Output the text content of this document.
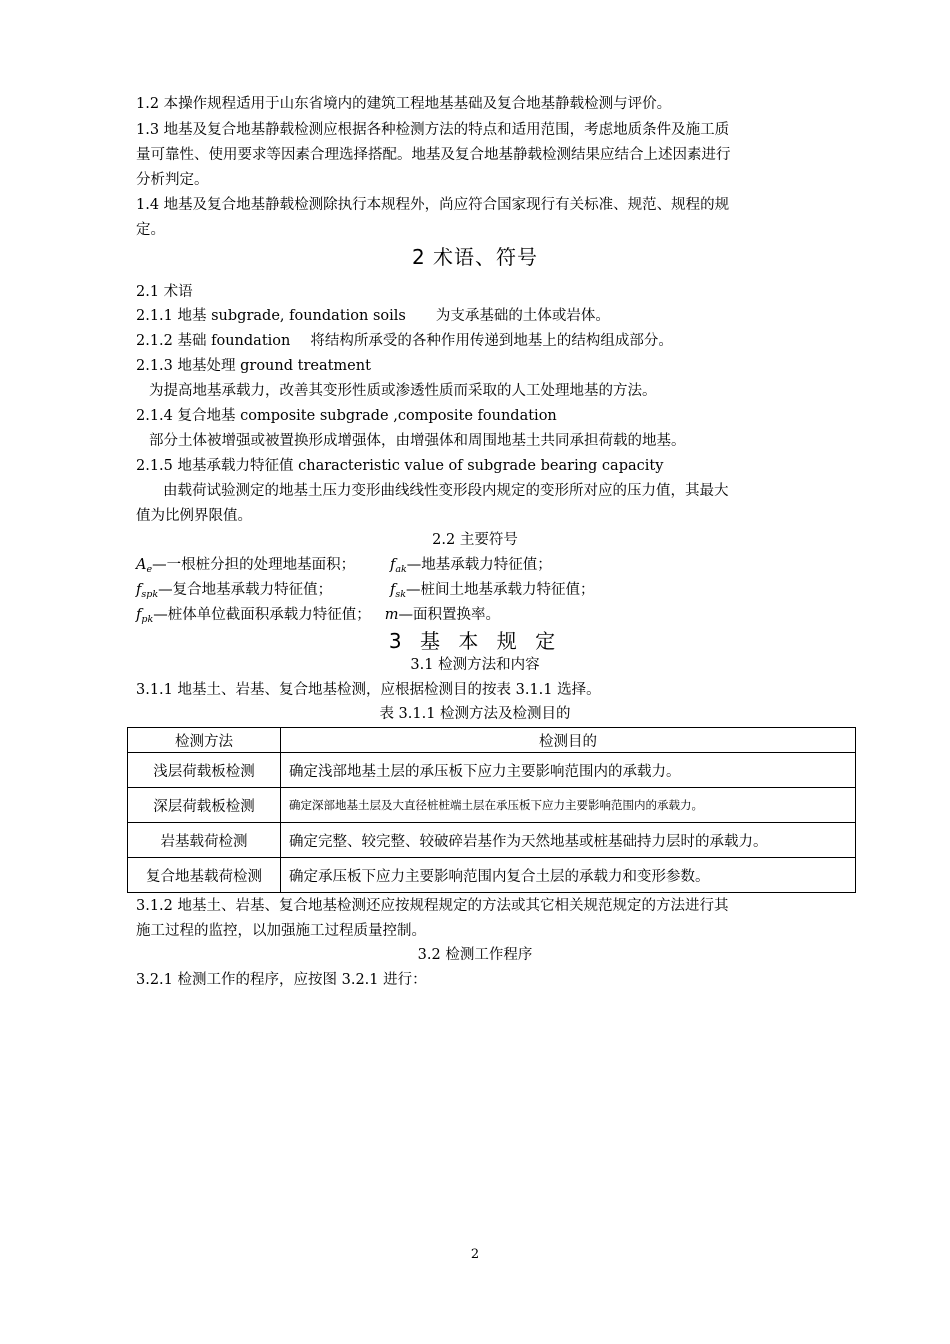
1.2 本操作规程适用于山东省境内的建筑工程地基基础及复合地基静载检测与评价。
1.3 地基及复合地基静载检测应根据各种检测方法的特点和适用范围，考虑地质条件及施工质
量可靠性、使用要求等因素合理选择搭配。地基及复合地基静载检测结果应结合上述因素进行
分析判定。
1.4 地基及复合地基静载检测除执行本规程外，尚应符合国家现行有关标准、规范、规程的规
定。
2 术语、符号
2.1 术语
2.1.1 地基 subgrade, foundation soils 为支承基础的土体或岩体。
2.1.2 基础 foundation 将结构所承受的各种作用传递到地基上的结构组成部分。
2.1.3 地基处理 ground treatment
为提高地基承载力，改善其变形性质或渗透性质而采取的人工处理地基的方法。
2.1.4 复合地基 composite subgrade ,composite foundation
部分土体被增强或被置换形成增强体，由增强体和周围地基土共同承担荷载的地基。
2.1.5 地基承载力特征值 characteristic value of subgrade bearing capacity
由载荷试验测定的地基土压力变形曲线线性变形段内规定的变形所对应的压力值，其最大
值为比例界限值。
2.2 主要符号
$A_e—$一根桩分担的处理地基面积； $f_{ak}—$地基承载力特征值；
$f_{spk}—$复合地基承载力特征值；	$f_{sk}—$桩间土地基承载力特征值；
$f_{pk}—$桩体单位截面积承载力特征值； m—面积置换率。
3 基 本 规 定
3.1 检测方法和内容
3.1.1 地基土、岩基、复合地基检测，应根据检测目的按表 3.1.1 选择。
表 3.1.1 检测方法及检测目的
检测方法	检测目的
浅层荷载板检测	确定浅部地基土层的承压板下应力主要影响范围内的承载力。
深层荷载板检测	确定深部地基土层及大直径桩桩端土层在承压板下应力主要影响范围内的承载力。
岩基载荷检测	确定完整、较完整、较破碎岩基作为天然地基或桩基础持力层时的承载力。
复合地基载荷检测	确定承压板下应力主要影响范围内复合土层的承载力和变形参数。
3.1.2 地基土、岩基、复合地基检测还应按规程规定的方法或其它相关规范规定的方法进行其
施工过程的监控，以加强施工过程质量控制。
3.2 检测工作程序
3.2.1 检测工作的程序，应按图 3.2.1 进行：
2
